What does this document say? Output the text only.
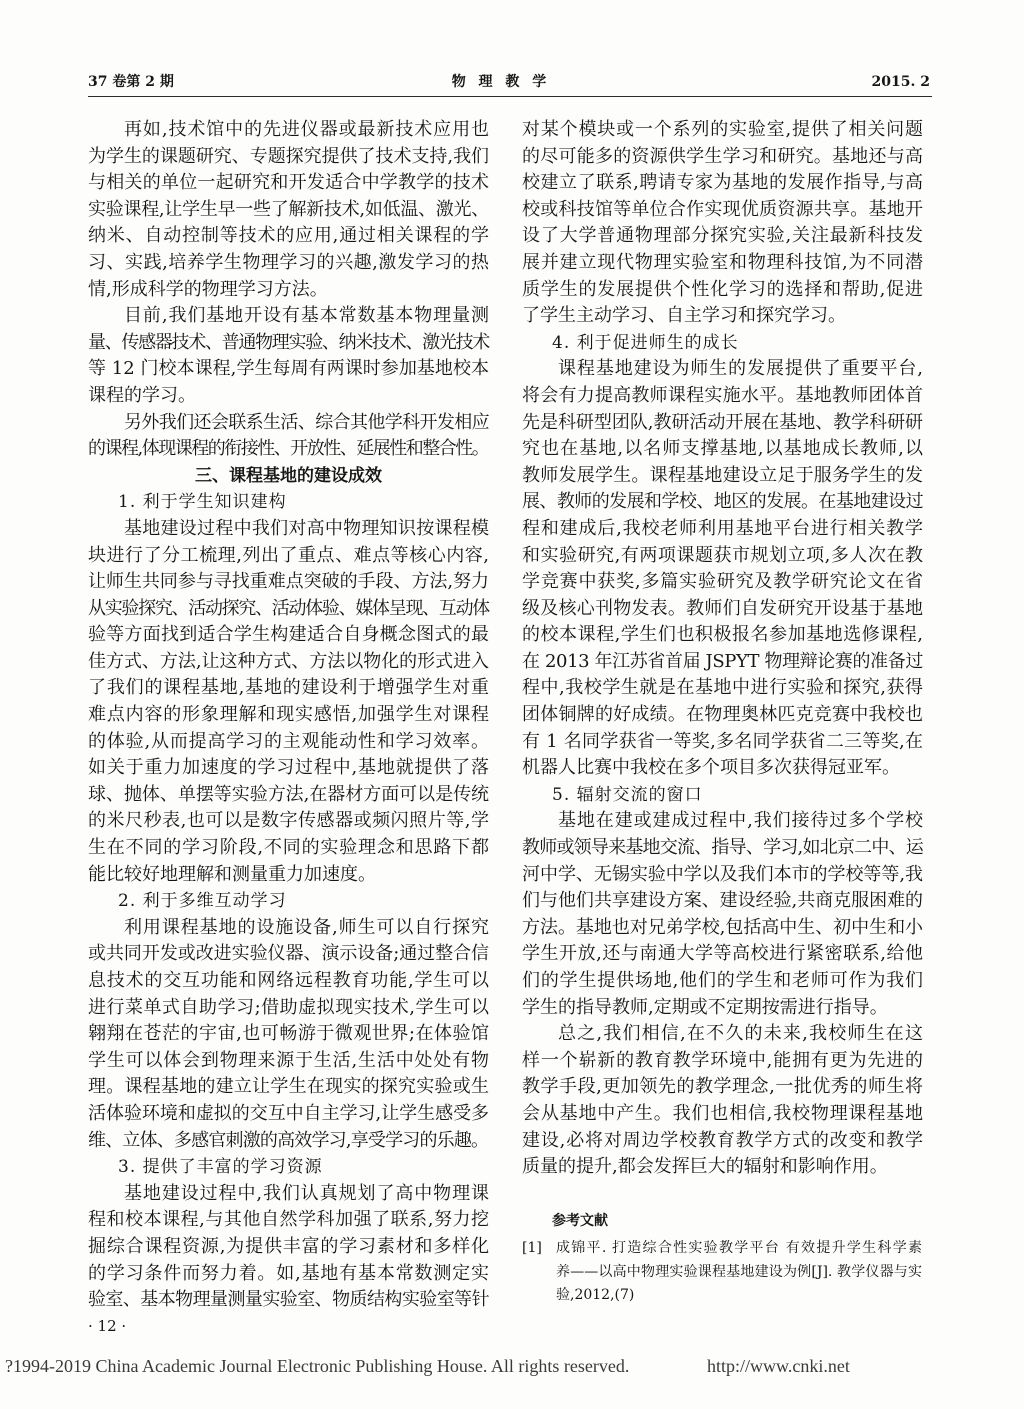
37 卷第 2 期	物 理 教 学	2015. 2
再如,技术馆中的先进仪器或最新技术应用也
为学生的课题研究、专题探究提供了技术支持,我们
与相关的单位一起研究和开发适合中学教学的技术
实验课程,让学生早一些了解新技术,如低温、激光、
纳米、自动控制等技术的应用,通过相关课程的学
习、实践,培养学生物理学习的兴趣,激发学习的热
情,形成科学的物理学习方法。
目前,我们基地开设有基本常数基本物理量测
量、传感器技术、普通物理实验、纳米技术、激光技术
等 12 门校本课程,学生每周有两课时参加基地校本
课程的学习。
另外我们还会联系生活、综合其他学科开发相应
的课程,体现课程的衔接性、开放性、延展性和整合性。
三、课程基地的建设成效
1. 利于学生知识建构
基地建设过程中我们对高中物理知识按课程模
块进行了分工梳理,列出了重点、难点等核心内容,
让师生共同参与寻找重难点突破的手段、方法,努力
从实验探究、活动探究、活动体验、媒体呈现、互动体
验等方面找到适合学生构建适合自身概念图式的最
佳方式、方法,让这种方式、方法以物化的形式进入
了我们的课程基地,基地的建设利于增强学生对重
难点内容的形象理解和现实感悟,加强学生对课程
的体验,从而提高学习的主观能动性和学习效率。
如关于重力加速度的学习过程中,基地就提供了落
球、抛体、单摆等实验方法,在器材方面可以是传统
的米尺秒表,也可以是数字传感器或频闪照片等,学
生在不同的学习阶段,不同的实验理念和思路下都
能比较好地理解和测量重力加速度。
2. 利于多维互动学习
利用课程基地的设施设备,师生可以自行探究
或共同开发或改进实验仪器、演示设备;通过整合信
息技术的交互功能和网络远程教育功能,学生可以
进行菜单式自助学习;借助虚拟现实技术,学生可以
翱翔在苍茫的宇宙,也可畅游于微观世界;在体验馆
学生可以体会到物理来源于生活,生活中处处有物
理。课程基地的建立让学生在现实的探究实验或生
活体验环境和虚拟的交互中自主学习,让学生感受多
维、立体、多感官刺激的高效学习,享受学习的乐趣。
3. 提供了丰富的学习资源
基地建设过程中,我们认真规划了高中物理课
程和校本课程,与其他自然学科加强了联系,努力挖
掘综合课程资源,为提供丰富的学习素材和多样化
的学习条件而努力着。如,基地有基本常数测定实
验室、基本物理量测量实验室、物质结构实验室等针
对某个模块或一个系列的实验室,提供了相关问题
的尽可能多的资源供学生学习和研究。基地还与高
校建立了联系,聘请专家为基地的发展作指导,与高
校或科技馆等单位合作实现优质资源共享。基地开
设了大学普通物理部分探究实验,关注最新科技发
展并建立现代物理实验室和物理科技馆,为不同潜
质学生的发展提供个性化学习的选择和帮助,促进
了学生主动学习、自主学习和探究学习。
4. 利于促进师生的成长
课程基地建设为师生的发展提供了重要平台,
将会有力提高教师课程实施水平。基地教师团体首
先是科研型团队,教研活动开展在基地、教学科研研
究也在基地,以名师支撑基地,以基地成长教师,以
教师发展学生。课程基地建设立足于服务学生的发
展、教师的发展和学校、地区的发展。在基地建设过
程和建成后,我校老师利用基地平台进行相关教学
和实验研究,有两项课题获市规划立项,多人次在教
学竞赛中获奖,多篇实验研究及教学研究论文在省
级及核心刊物发表。教师们自发研究开设基于基地
的校本课程,学生们也积极报名参加基地选修课程,
在 2013 年江苏省首届 JSPYT 物理辩论赛的准备过
程中,我校学生就是在基地中进行实验和探究,获得
团体铜牌的好成绩。在物理奥林匹克竞赛中我校也
有 1 名同学获省一等奖,多名同学获省二三等奖,在
机器人比赛中我校在多个项目多次获得冠亚军。
5. 辐射交流的窗口
基地在建或建成过程中,我们接待过多个学校
教师或领导来基地交流、指导、学习,如北京二中、运
河中学、无锡实验中学以及我们本市的学校等等,我
们与他们共享建设方案、建设经验,共商克服困难的
方法。基地也对兄弟学校,包括高中生、初中生和小
学生开放,还与南通大学等高校进行紧密联系,给他
们的学生提供场地,他们的学生和老师可作为我们
学生的指导教师,定期或不定期按需进行指导。
总之,我们相信,在不久的未来,我校师生在这
样一个崭新的教育教学环境中,能拥有更为先进的
教学手段,更加领先的教学理念,一批优秀的师生将
会从基地中产生。我们也相信,我校物理课程基地
建设,必将对周边学校教育教学方式的改变和教学
质量的提升,都会发挥巨大的辐射和影响作用。
参考文献
[1] 成锦平. 打造综合性实验教学平台 有效提升学生科学素
养——以高中物理实验课程基地建设为例[J]. 教学仪器与实
验,2012,(7)
· 12 ·
?1994-2019 China Academic Journal Electronic Publishing House. All rights reserved.	http://www.cnki.net
